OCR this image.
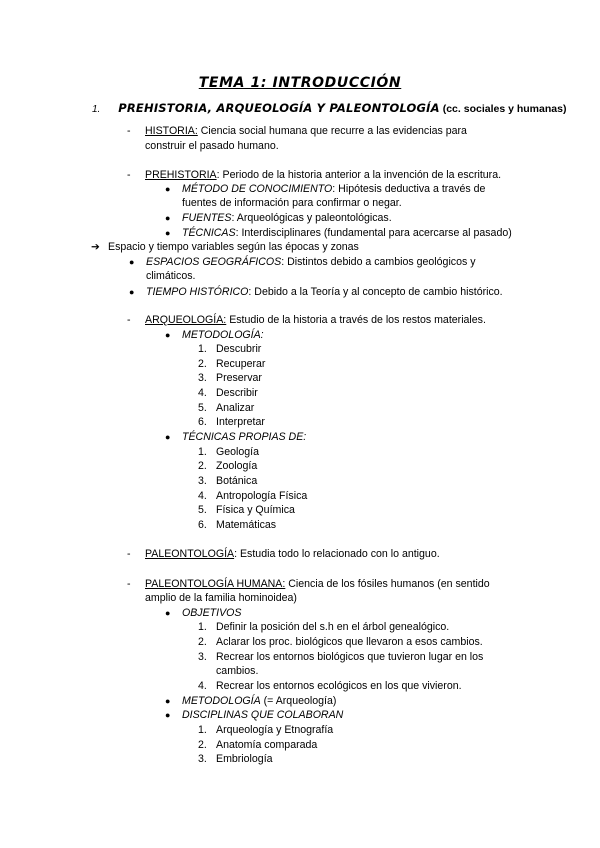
TEMA 1: INTRODUCCIÓN
1. PREHISTORIA, ARQUEOLOGÍA Y PALEONTOLOGÍA (cc. sociales y humanas)
- HISTORIA: Ciencia social humana que recurre a las evidencias para
construir el pasado humano.
- PREHISTORIA: Periodo de la historia anterior a la invención de la escritura.
● MÉTODO DE CONOCIMIENTO: Hipótesis deductiva a través de
fuentes de información para confirmar o negar.
● FUENTES: Arqueológicas y paleontológicas.
● TÉCNICAS: Interdisciplinares (fundamental para acercarse al pasado)
➔ Espacio y tiempo variables según las épocas y zonas
● ESPACIOS GEOGRÁFICOS: Distintos debido a cambios geológicos y
climáticos.
● TIEMPO HISTÓRICO: Debido a la Teoría y al concepto de cambio histórico.
- ARQUEOLOGÍA: Estudio de la historia a través de los restos materiales.
● METODOLOGÍA:
1. Descubrir
2. Recuperar
3. Preservar
4. Describir
5. Analizar
6. Interpretar
● TÉCNICAS PROPIAS DE:
1. Geología
2. Zoología
3. Botánica
4. Antropología Física
5. Física y Química
6. Matemáticas
- PALEONTOLOGÍA: Estudia todo lo relacionado con lo antiguo.
- PALEONTOLOGÍA HUMANA: Ciencia de los fósiles humanos (en sentido
amplio de la familia hominoidea)
● OBJETIVOS
1. Definir la posición del s.h en el árbol genealógico.
2. Aclarar los proc. biológicos que llevaron a esos cambios.
3. Recrear los entornos biológicos que tuvieron lugar en los
cambios.
4. Recrear los entornos ecológicos en los que vivieron.
● METODOLOGÍA (= Arqueología)
● DISCIPLINAS QUE COLABORAN
1. Arqueología y Etnografía
2. Anatomía comparada
3. Embriología
